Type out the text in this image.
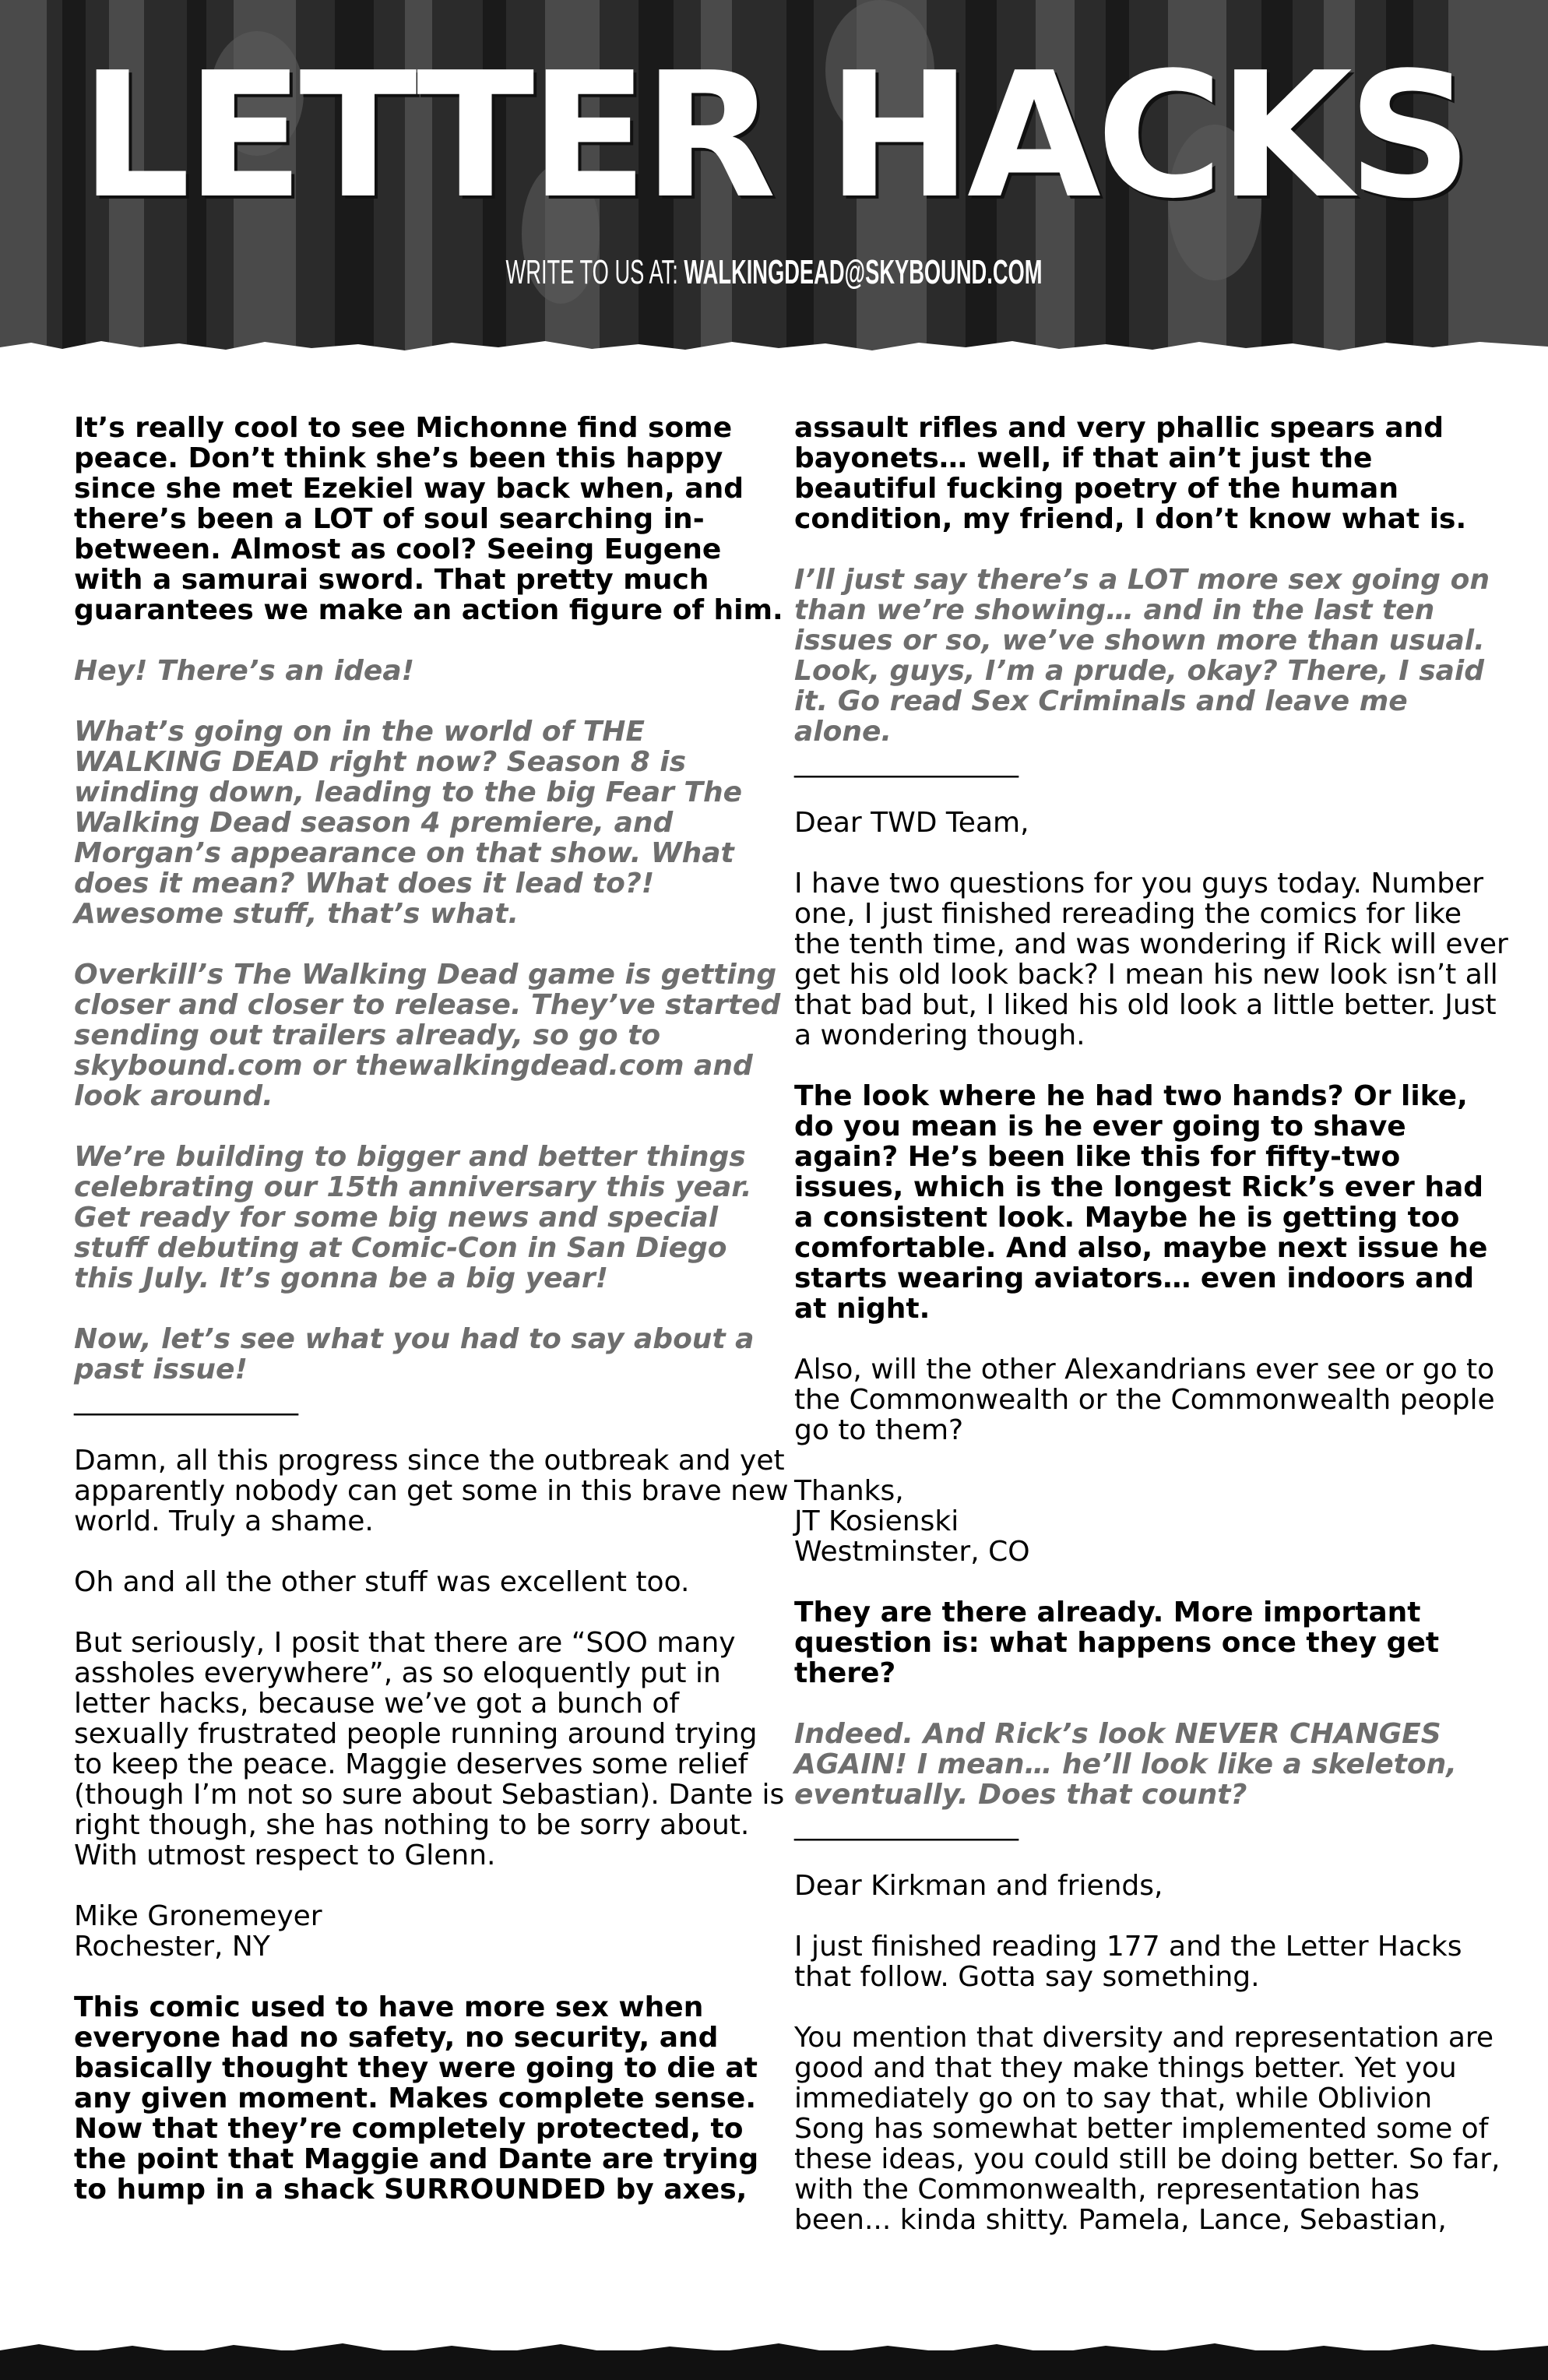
LETTER HACKS
WRITE TO US AT: WALKINGDEAD@SKYBOUND.COM
It’s really cool to see Michonne find some peace. Don’t think she’s been this happy since she met Ezekiel way back when, and there’s been a LOT of soul searching in-between. Almost as cool? Seeing Eugene with a samurai sword. That pretty much guarantees we make an action figure of him.
Hey! There’s an idea!
What’s going on in the world of THE WALKING DEAD right now? Season 8 is winding down, leading to the big Fear The Walking Dead season 4 premiere, and Morgan’s appearance on that show. What does it mean? What does it lead to?! Awesome stuff, that’s what.
Overkill’s The Walking Dead game is getting closer and closer to release. They’ve started sending out trailers already, so go to skybound.com or thewalkingdead.com and look around.
We’re building to bigger and better things celebrating our 15th anniversary this year. Get ready for some big news and special stuff debuting at Comic-Con in San Diego this July. It’s gonna be a big year!
Now, let’s see what you had to say about a past issue!
________________
Damn, all this progress since the outbreak and yet apparently nobody can get some in this brave new world. Truly a shame.
Oh and all the other stuff was excellent too.
But seriously, I posit that there are “SOO many assholes everywhere”, as so eloquently put in letter hacks, because we’ve got a bunch of sexually frustrated people running around trying to keep the peace. Maggie deserves some relief (though I’m not so sure about Sebastian). Dante is right though, she has nothing to be sorry about. With utmost respect to Glenn.
Mike Gronemeyer
Rochester, NY
This comic used to have more sex when everyone had no safety, no security, and basically thought they were going to die at any given moment. Makes complete sense. Now that they’re completely protected, to the point that Maggie and Dante are trying to hump in a shack SURROUNDED by axes,
assault rifles and very phallic spears and bayonets… well, if that ain’t just the beautiful fucking poetry of the human condition, my friend, I don’t know what is.
I’ll just say there’s a LOT more sex going on than we’re showing… and in the last ten issues or so, we’ve shown more than usual. Look, guys, I’m a prude, okay? There, I said it. Go read Sex Criminals and leave me alone.
________________
Dear TWD Team,
I have two questions for you guys today. Number one, I just finished rereading the comics for like the tenth time, and was wondering if Rick will ever get his old look back? I mean his new look isn’t all that bad but, I liked his old look a little better. Just a wondering though.
The look where he had two hands? Or like, do you mean is he ever going to shave again? He’s been like this for fifty-two issues, which is the longest Rick’s ever had a consistent look. Maybe he is getting too comfortable. And also, maybe next issue he starts wearing aviators… even indoors and at night.
Also, will the other Alexandrians ever see or go to the Commonwealth or the Commonwealth people go to them?
Thanks,
JT Kosienski
Westminster, CO
They are there already. More important question is: what happens once they get there?
Indeed. And Rick’s look NEVER CHANGES AGAIN! I mean… he’ll look like a skeleton, eventually. Does that count?
________________
Dear Kirkman and friends,
I just finished reading 177 and the Letter Hacks that follow. Gotta say something.
You mention that diversity and representation are good and that they make things better. Yet you immediately go on to say that, while Oblivion Song has somewhat better implemented some of these ideas, you could still be doing better. So far, with the Commonwealth, representation has been... kinda shitty. Pamela, Lance, Sebastian,
